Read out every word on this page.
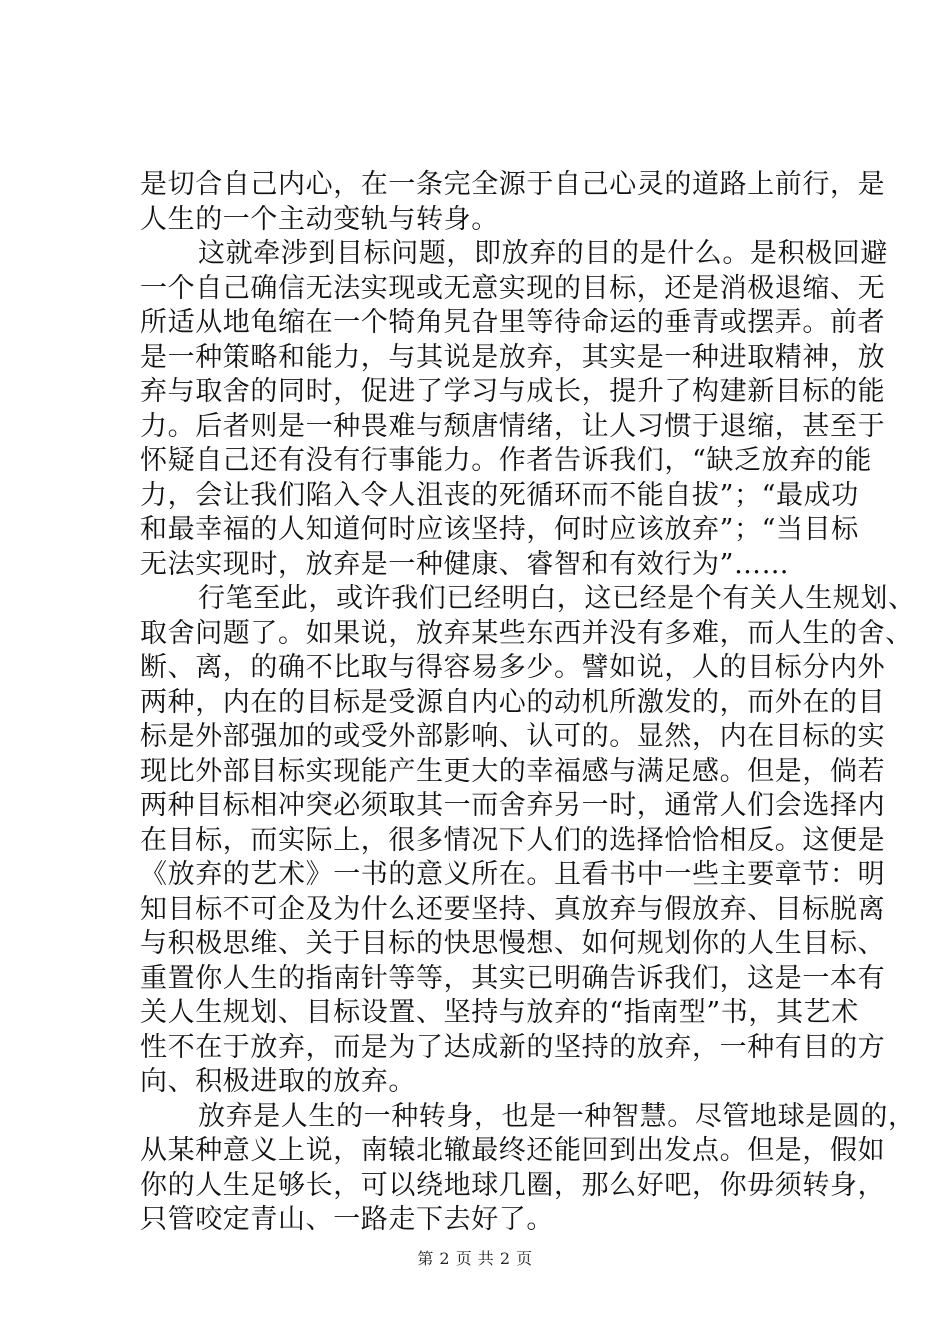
是切合自己内心，在一条完全源于自己心灵的道路上前行，是
人生的一个主动变轨与转身。
这就牵涉到目标问题，即放弃的目的是什么。是积极回避
一个自己确信无法实现或无意实现的目标，还是消极退缩、无
所适从地龟缩在一个犄角旯旮里等待命运的垂青或摆弄。前者
是一种策略和能力，与其说是放弃，其实是一种进取精神，放
弃与取舍的同时，促进了学习与成长，提升了构建新目标的能
力。后者则是一种畏难与颓唐情绪，让人习惯于退缩，甚至于
怀疑自己还有没有行事能力。作者告诉我们，“缺乏放弃的能
力，会让我们陷入令人沮丧的死循环而不能自拔”；“最成功
和最幸福的人知道何时应该坚持，何时应该放弃”；“当目标
无法实现时，放弃是一种健康、睿智和有效行为”……
行笔至此，或许我们已经明白，这已经是个有关人生规划、
取舍问题了。如果说，放弃某些东西并没有多难，而人生的舍、
断、离，的确不比取与得容易多少。譬如说，人的目标分内外
两种，内在的目标是受源自内心的动机所激发的，而外在的目
标是外部强加的或受外部影响、认可的。显然，内在目标的实
现比外部目标实现能产生更大的幸福感与满足感。但是，倘若
两种目标相冲突必须取其一而舍弃另一时，通常人们会选择内
在目标，而实际上，很多情况下人们的选择恰恰相反。这便是
《放弃的艺术》一书的意义所在。且看书中一些主要章节：明
知目标不可企及为什么还要坚持、真放弃与假放弃、目标脱离
与积极思维、关于目标的快思慢想、如何规划你的人生目标、
重置你人生的指南针等等，其实已明确告诉我们，这是一本有
关人生规划、目标设置、坚持与放弃的“指南型”书，其艺术
性不在于放弃，而是为了达成新的坚持的放弃，一种有目的方
向、积极进取的放弃。
放弃是人生的一种转身，也是一种智慧。尽管地球是圆的，
从某种意义上说，南辕北辙最终还能回到出发点。但是，假如
你的人生足够长，可以绕地球几圈，那么好吧，你毋须转身，
只管咬定青山、一路走下去好了。
第 2 页 共 2 页
